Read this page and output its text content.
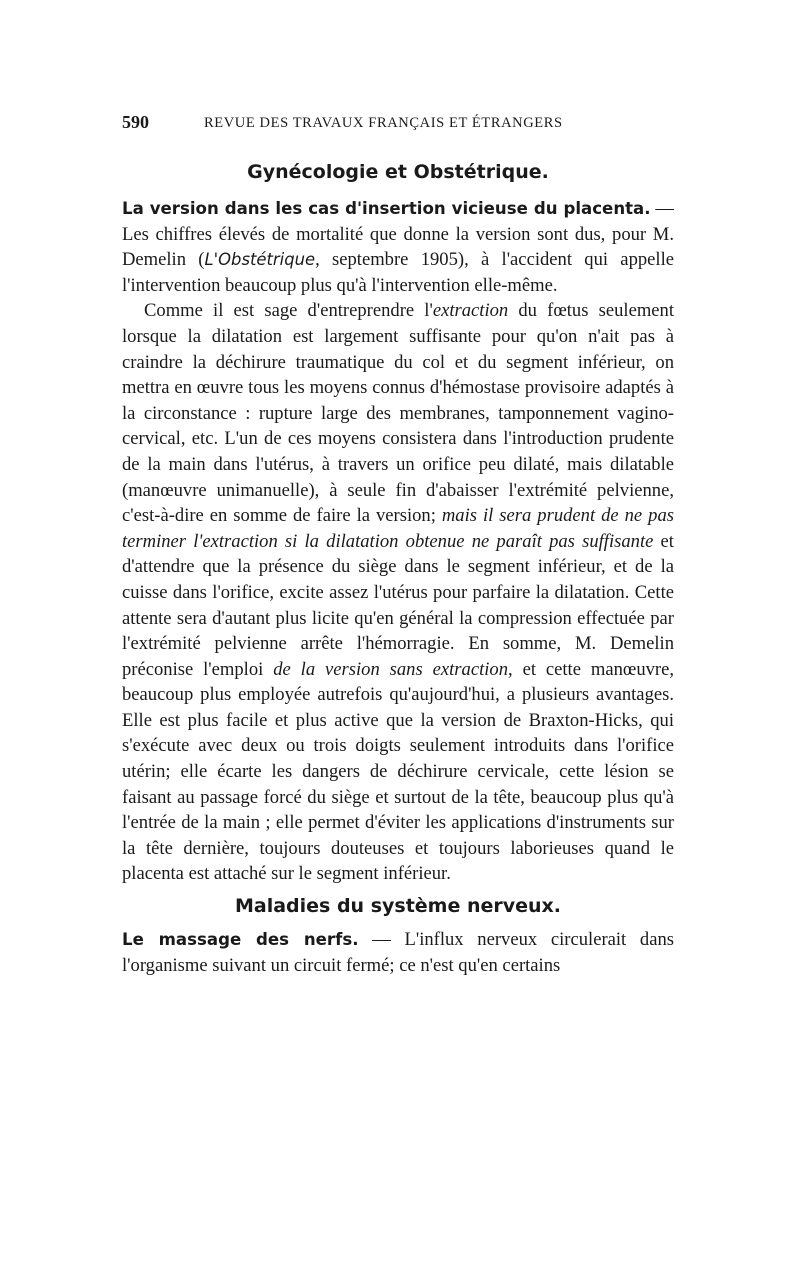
590	REVUE DES TRAVAUX FRANÇAIS ET ÉTRANGERS
Gynécologie et Obstétrique.

La version dans les cas d'insertion vicieuse du placenta. — Les chiffres élevés de mortalité que donne la version sont dus, pour M. Demelin (L'Obstétrique, septembre 1905), à l'accident qui appelle l'intervention beaucoup plus qu'à l'intervention elle-même.

Comme il est sage d'entreprendre l'extraction du fœtus seulement lorsque la dilatation est largement suffisante pour qu'on n'ait pas à craindre la déchirure traumatique du col et du segment inférieur, on mettra en œuvre tous les moyens connus d'hémostase provisoire adaptés à la circonstance : rupture large des membranes, tamponnement vagino-cervical, etc. L'un de ces moyens consistera dans l'introduction prudente de la main dans l'utérus, à travers un orifice peu dilaté, mais dilatable (manœuvre unimanuelle), à seule fin d'abaisser l'extrémité pelvienne, c'est-à-dire en somme de faire la version; mais il sera prudent de ne pas terminer l'extraction si la dilatation obtenue ne paraît pas suffisante et d'attendre que la présence du siège dans le segment inférieur, et de la cuisse dans l'orifice, excite assez l'utérus pour parfaire la dilatation. Cette attente sera d'autant plus licite qu'en général la compression effectuée par l'extrémité pelvienne arrête l'hémorragie. En somme, M. Demelin préconise l'emploi de la version sans extraction, et cette manœuvre, beaucoup plus employée autrefois qu'aujourd'hui, a plusieurs avantages. Elle est plus facile et plus active que la version de Braxton-Hicks, qui s'exécute avec deux ou trois doigts seulement introduits dans l'orifice utérin; elle écarte les dangers de déchirure cervicale, cette lésion se faisant au passage forcé du siège et surtout de la tête, beaucoup plus qu'à l'entrée de la main ; elle permet d'éviter les applications d'instruments sur la tête dernière, toujours douteuses et toujours laborieuses quand le placenta est attaché sur le segment inférieur.

Maladies du système nerveux.

Le massage des nerfs. — L'influx nerveux circulerait dans l'organisme suivant un circuit fermé; ce n'est qu'en certains
